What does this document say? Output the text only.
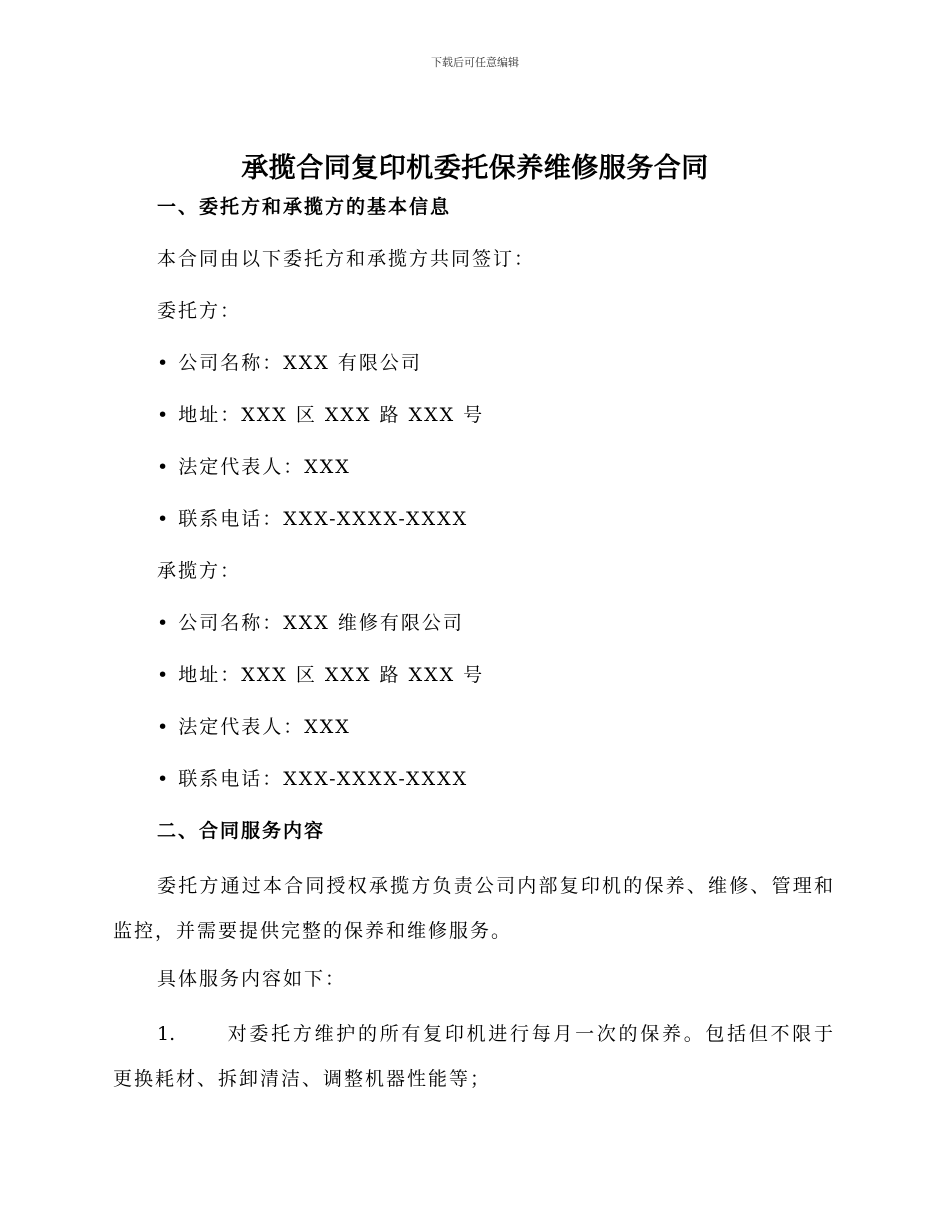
下载后可任意编辑
承揽合同复印机委托保养维修服务合同
一、委托方和承揽方的基本信息
本合同由以下委托方和承揽方共同签订：
委托方：
• 公司名称：XXX 有限公司
• 地址：XXX 区 XXX 路 XXX 号
• 法定代表人：XXX
• 联系电话：XXX-XXXX-XXXX
承揽方：
• 公司名称：XXX 维修有限公司
• 地址：XXX 区 XXX 路 XXX 号
• 法定代表人：XXX
• 联系电话：XXX-XXXX-XXXX
二、合同服务内容
委托方通过本合同授权承揽方负责公司内部复印机的保养、维修、管理和监控，并需要提供完整的保养和维修服务。
具体服务内容如下：
1.	对委托方维护的所有复印机进行每月一次的保养。包括但不限于更换耗材、拆卸清洁、调整机器性能等；
